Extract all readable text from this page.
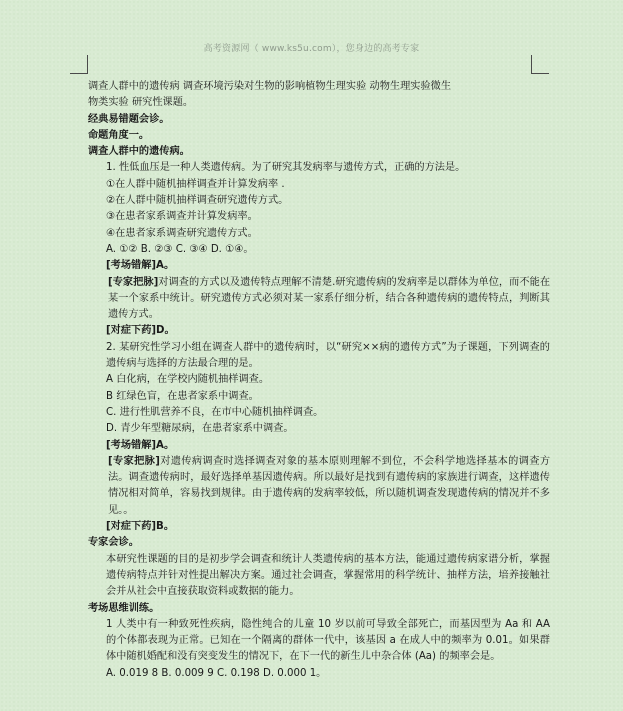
高考资源网（ www.ks5u.com），您身边的高考专家

调查人群中的遗传病 调查环境污染对生物的影响植物生理实验 动物生理实验微生

物类实验 研究性课题。

经典易错题会诊。

命题角度一。

调查人群中的遗传病。

1. 性低血压是一种人类遗传病。为了研究其发病率与遗传方式，正确的方法是。

①在人群中随机抽样调查并计算发病率 .

②在人群中随机抽样调查研究遗传方式。

③在患者家系调查并计算发病率。

④在患者家系调查研究遗传方式。

A. ①② B. ②③ C. ③④ D. ①④。

[考场错解]A。

[专家把脉]对调查的方式以及遗传特点理解不清楚.研究遗传病的发病率是以群体为单位，而不能在某一个家系中统计。研究遗传方式必须对某一家系仔细分析，结合各种遗传病的遗传特点，判断其遗传方式。

[对症下药]D。

2. 某研究性学习小组在调查人群中的遗传病时，以“研究××病的遗传方式”为子课题，下列调查的遗传病与选择的方法最合理的是。

A 白化病，在学校内随机抽样调查。

B 红绿色盲，在患者家系中调查。

C. 进行性肌营养不良，在市中心随机抽样调查。

D. 青少年型糖尿病，在患者家系中调查。

[考场错解]A。

[专家把脉]对遗传病调查时选择调查对象的基本原则理解不到位，不会科学地选择基本的调查方法。调查遗传病时，最好选择单基因遗传病。所以最好是找到有遗传病的家族进行调查，这样遗传情况相对简单，容易找到规律。由于遗传病的发病率较低，所以随机调查发现遗传病的情况并不多见。。

[对症下药]B。

专家会诊。

本研究性课题的目的是初步学会调查和统计人类遗传病的基本方法，能通过遗传病家谱分析，掌握遗传病特点并针对性提出解决方案。通过社会调查，掌握常用的科学统计、抽样方法，培养接触社会并从社会中直接获取资料或数据的能力。

考场思维训练。

1 人类中有一种致死性疾病，隐性纯合的儿童 10 岁以前可导致全部死亡，而基因型为 Aa 和 AA 的个体都表现为正常。已知在一个隔离的群体一代中，该基因 a 在成人中的频率为 0.01。如果群体中随机婚配和没有突变发生的情况下，在下一代的新生儿中杂合体 (Aa) 的频率会是。

A. 0.019 8 B. 0.009 9 C. 0.198 D. 0.000 1。
